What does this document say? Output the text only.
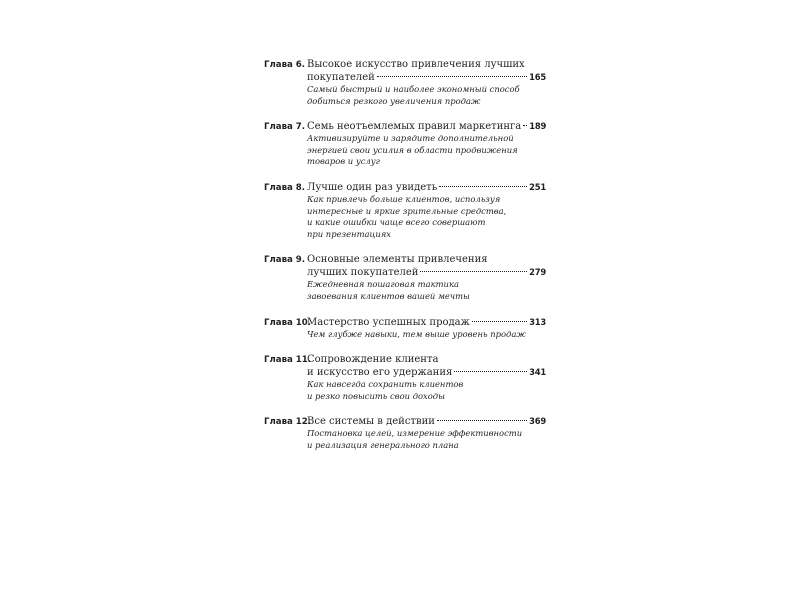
Глава 6. Высокое искусство привлечения лучших
покупателей	165
Самый быстрый и наиболее экономный способ
добиться резкого увеличения продаж
Глава 7. Семь неотъемлемых правил маркетинга 189
Активизируйте и зарядите дополнительной
энергией свои усилия в области продвижения
товаров и услуг
Глава 8. Лучше один раз увидеть	251
Как привлечь больше клиентов, используя
интересные и яркие зрительные средства,
и какие ошибки чаще всего совершают
при презентациях
Глава 9. Основные элементы привлечения
лучших покупателей	279
Ежедневная пошаговая тактика
завоевания клиентов вашей мечты
Глава 10.
Мастерство успешных продаж	313
Чем глубже навыки, тем выше уровень продаж
Глава 11.
Сопровождение клиента
и искусство его удержания	341
Как навсегда сохранить клиентов
и резко повысить свои доходы
Глава 12.
Все системы в действии	369
Постановка целей, измерение эффективности
и реализация генерального плана
